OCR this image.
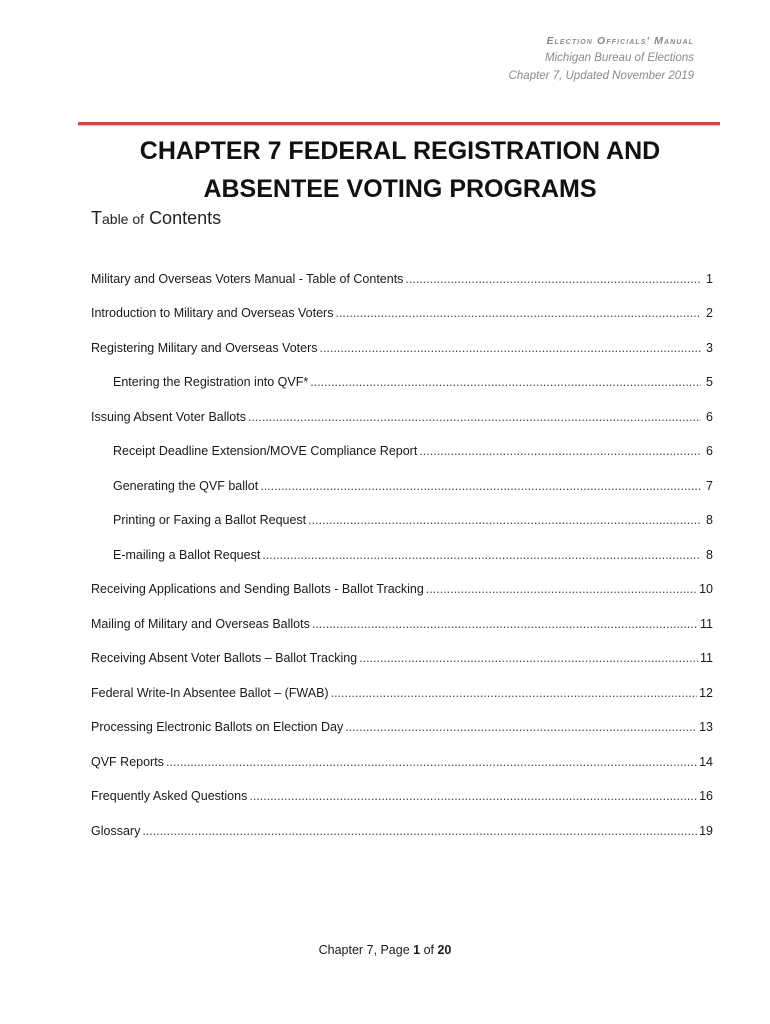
Election Officials' Manual
Michigan Bureau of Elections
Chapter 7, Updated November 2019
CHAPTER 7 FEDERAL REGISTRATION AND
ABSENTEE VOTING PROGRAMS
Table of Contents
Military and Overseas Voters Manual - Table of Contents .....	1
Introduction to Military and Overseas Voters .....	2
Registering Military and Overseas Voters .....	3
Entering the Registration into QVF* .....	5
Issuing Absent Voter Ballots .....	6
Receipt Deadline Extension/MOVE Compliance Report .....	6
Generating the QVF ballot .....	7
Printing or Faxing a Ballot Request .....	8
E-mailing a Ballot Request .....	8
Receiving Applications and Sending Ballots - Ballot Tracking .....	10
Mailing of Military and Overseas Ballots .....	11
Receiving Absent Voter Ballots – Ballot Tracking .....	11
Federal Write-In Absentee Ballot – (FWAB) .....	12
Processing Electronic Ballots on Election Day .....	13
QVF Reports .....	14
Frequently Asked Questions .....	16
Glossary .....	19
Chapter 7, Page 1 of 20
